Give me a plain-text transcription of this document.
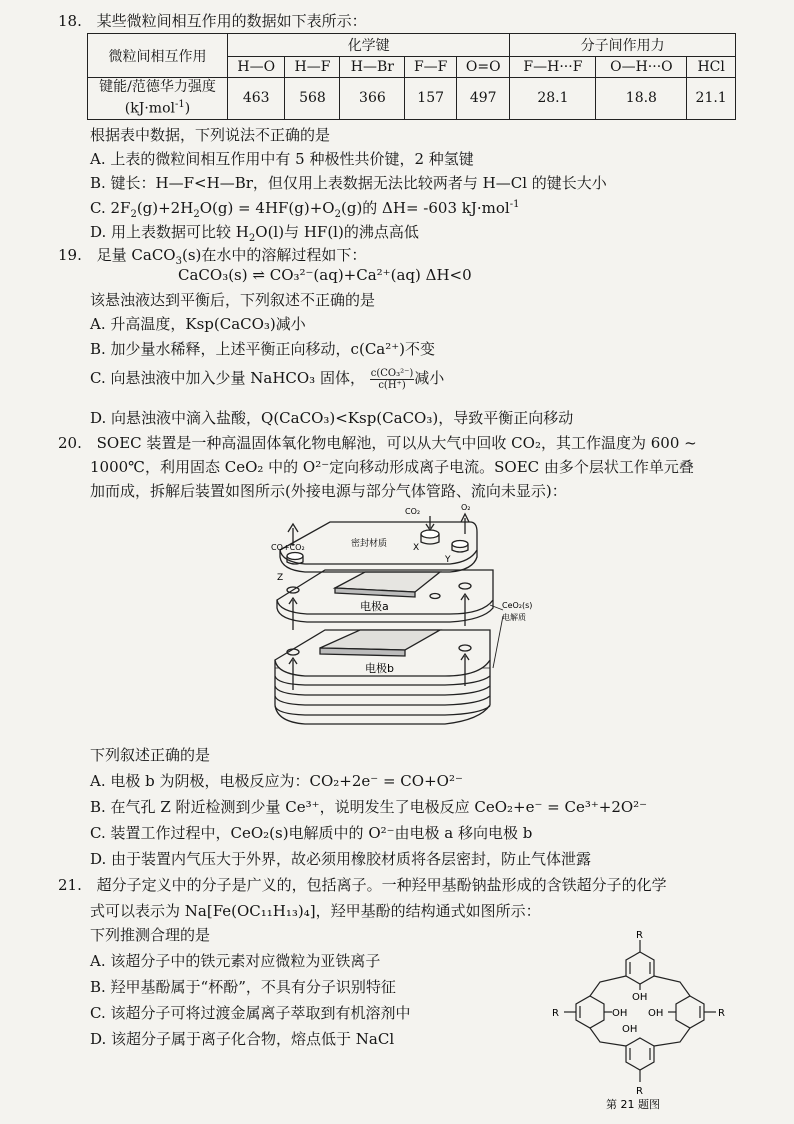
18. 某些微粒间相互作用的数据如下表所示：
微粒间相互作用	化学键					分子间作用力		
	H—O	H—F	H—Br	F—F	O=O	F—H···F	O—H···O	HCl
键能/范德华力强度
(kJ·mol$^{-1}$)	463	568	366	157	497	28.1	18.8	21.1
根据表中数据，下列说法不正确的是
A. 上表的微粒间相互作用中有 5 种极性共价键，2 种氢键
B. 键长：H—F<H—Br，但仅用上表数据无法比较两者与 H—Cl 的键长大小
C. $2F_2(g)+2H_2O(g) = 4HF(g)+O_2(g)$的 ΔH= -603 kJ·mol$^{-1}$
D. 用上表数据可比较 $H_2O(l)$与 HF(l)的沸点高低
19. 足量 CaCO$_3$(s)在水中的溶解过程如下：
CaCO₃(s) ⇌ CO₃²⁻(aq)+Ca²⁺(aq) ΔH<0
该悬浊液达到平衡后，下列叙述不正确的是
A. 升高温度，Ksp(CaCO₃)减小
B. 加少量水稀释，上述平衡正向移动，c(Ca²⁺)不变
C. 向悬浊液中加入少量 NaHCO₃ 固体， $\frac{\text{c(CO₃²⁻)}}{c(H^+)}$ 减小
D. 向悬浊液中滴入盐酸，Q(CaCO₃)<Ksp(CaCO₃)，导致平衡正向移动
20. SOEC 装置是一种高温固体氧化物电解池，可以从大气中回收 CO₂，其工作温度为 600 ~
1000℃，利用固态 CeO₂ 中的 O²⁻定向移动形成离子电流。SOEC 由多个层状工作单元叠
加而成，拆解后装置如图所示(外接电源与部分气体管路、流向未显示)：
CO₂	O₂
X
Y
Z
CO+CO₂	密封材质
电极a
电极b
CeO₂(s)
电解质
下列叙述正确的是
A. 电极 b 为阴极，电极反应为：CO₂+2e⁻ = CO+O²⁻
B. 在气孔 Z 附近检测到少量 Ce³⁺，说明发生了电极反应 CeO₂+e⁻ = Ce³⁺+2O²⁻
C. 装置工作过程中，CeO₂(s)电解质中的 O²⁻由电极 a 移向电极 b
D. 由于装置内气压大于外界，故必须用橡胶材质将各层密封，防止气体泄露
21. 超分子定义中的分子是广义的，包括离子。一种羟甲基酚钠盐形成的含铁超分子的化学
式可以表示为 Na[Fe(OC₁₁H₁₃)₄]，羟甲基酚的结构通式如图所示：
下列推测合理的是
A. 该超分子中的铁元素对应微粒为亚铁离子
B. 羟甲基酚属于“杯酚”，不具有分子识别特征
C. 该超分子可将过渡金属离子萃取到有机溶剂中
D. 该超分子属于离子化合物，熔点低于 NaCl
R
R
R	R
OH
OH OH
OH
第 21 题图
